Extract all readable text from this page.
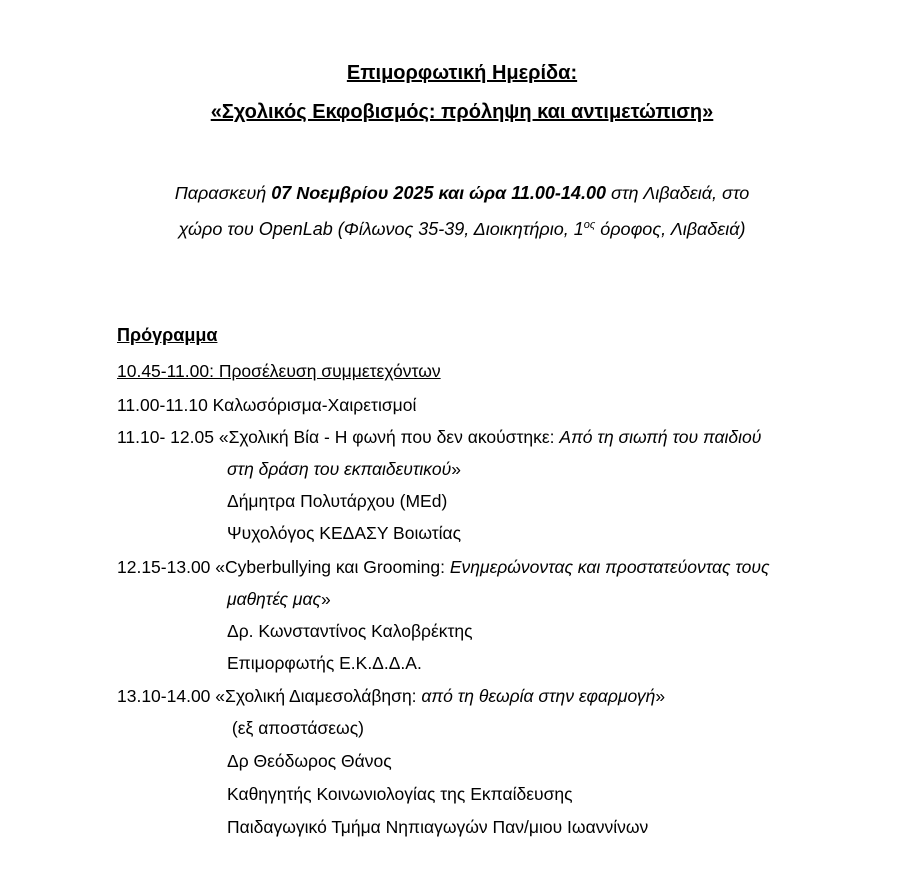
Επιμορφωτική Ημερίδα:
«Σχολικός Εκφοβισμός: πρόληψη και αντιμετώπιση»
Παρασκευή 07 Νοεμβρίου 2025 και ώρα 11.00-14.00 στη Λιβαδειά, στο
χώρο του OpenLab (Φίλωνος 35-39, Διοικητήριο, $1^{o\varsigma}$ όροφος, Λιβαδειά)
Πρόγραμμα
10.45-11.00: Προσέλευση συμμετεχόντων
11.00-11.10 Καλωσόρισμα-Χαιρετισμοί
11.10- 12.05 «Σχολική Βία - Η φωνή που δεν ακούστηκε: Από τη σιωπή του παιδιού
στη δράση του εκπαιδευτικού»
Δήμητρα Πολυτάρχου (MEd)
Ψυχολόγος ΚΕΔΑΣΥ Βοιωτίας
12.15-13.00 «Cyberbullying και Grooming: Ενημερώνοντας και προστατεύοντας τους
μαθητές μας»
Δρ. Κωνσταντίνος Καλοβρέκτης
Επιμορφωτής Ε.Κ.Δ.Δ.Α.
13.10-14.00 «Σχολική Διαμεσολάβηση: από τη θεωρία στην εφαρμογή»
(εξ αποστάσεως)
Δρ Θεόδωρος Θάνος
Καθηγητής Κοινωνιολογίας της Εκπαίδευσης
Παιδαγωγικό Τμήμα Νηπιαγωγών Παν/μιου Ιωαννίνων
